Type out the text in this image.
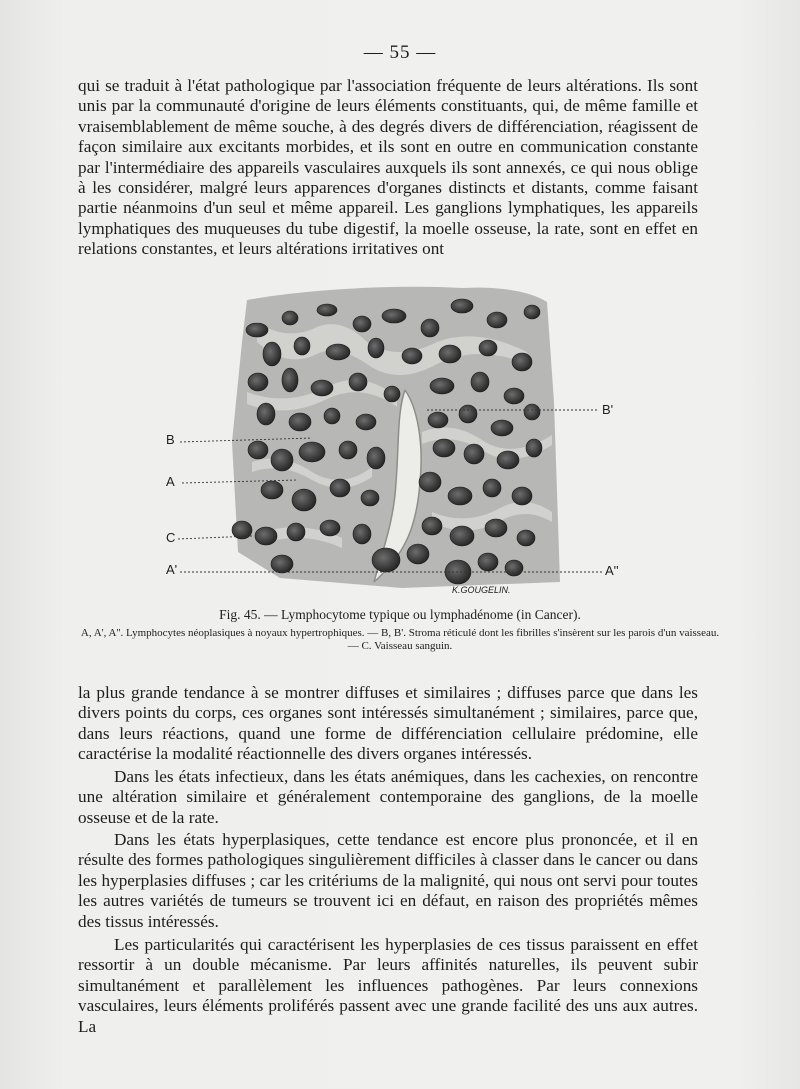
— 55 —

qui se traduit à l'état pathologique par l'association fréquente de leurs altérations. Ils sont unis par la communauté d'origine de leurs éléments constituants, qui, de même famille et vraisemblablement de même souche, à des degrés divers de différenciation, réagissent de façon similaire aux excitants morbides, et ils sont en outre en communication constante par l'intermédiaire des appareils vasculaires auxquels ils sont annexés, ce qui nous oblige à les considérer, malgré leurs apparences d'organes distincts et distants, comme faisant partie néanmoins d'un seul et même appareil. Les ganglions lymphatiques, les appareils lymphatiques des muqueuses du tube digestif, la moelle osseuse, la rate, sont en effet en relations constantes, et leurs altérations irritatives ont

B
A
C
A'
B'
A''
K.GOUGELIN.
Fig. 45. — Lymphocytome typique ou lymphadénome (in Cancer).
A, A', A''. Lymphocytes néoplasiques à noyaux hypertrophiques. — B, B'. Stroma réticulé dont les fibrilles s'insèrent sur les parois d'un vaisseau. — C. Vaisseau sanguin.

la plus grande tendance à se montrer diffuses et similaires ; diffuses parce que dans les divers points du corps, ces organes sont intéressés simultanément ; similaires, parce que, dans leurs réactions, quand une forme de différenciation cellulaire prédomine, elle caractérise la modalité réactionnelle des divers organes intéressés.

Dans les états infectieux, dans les états anémiques, dans les cachexies, on rencontre une altération similaire et généralement contemporaine des ganglions, de la moelle osseuse et de la rate.

Dans les états hyperplasiques, cette tendance est encore plus prononcée, et il en résulte des formes pathologiques singulièrement difficiles à classer dans le cancer ou dans les hyperplasies diffuses ; car les critériums de la malignité, qui nous ont servi pour toutes les autres variétés de tumeurs se trouvent ici en défaut, en raison des propriétés mêmes des tissus intéressés.

Les particularités qui caractérisent les hyperplasies de ces tissus paraissent en effet ressortir à un double mécanisme. Par leurs affinités naturelles, ils peuvent subir simultanément et parallèlement les influences pathogènes. Par leurs connexions vasculaires, leurs éléments proliférés passent avec une grande facilité des uns aux autres. La
